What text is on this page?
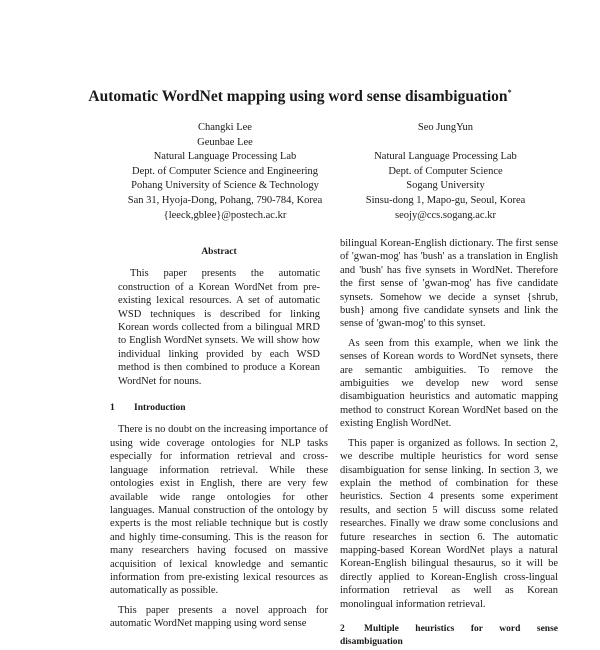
Automatic WordNet mapping using word sense disambiguation*
Changki Lee
Geunbae Lee
Natural Language Processing Lab
Dept. of Computer Science and Engineering
Pohang University of Science & Technology
San 31, Hyoja-Dong, Pohang, 790-784, Korea
{leeck,gblee}@postech.ac.kr
Seo JungYun
Natural Language Processing Lab
Dept. of Computer Science
Sogang University
Sinsu-dong 1, Mapo-gu, Seoul, Korea
seojy@ccs.sogang.ac.kr
Abstract

This paper presents the automatic construction of a Korean WordNet from pre-existing lexical resources. A set of automatic WSD techniques is described for linking Korean words collected from a bilingual MRD to English WordNet synsets. We will show how individual linking provided by each WSD method is then combined to produce a Korean WordNet for nouns.

1 Introduction

There is no doubt on the increasing importance of using wide coverage ontologies for NLP tasks especially for information retrieval and cross-language information retrieval. While these ontologies exist in English, there are very few available wide range ontologies for other languages. Manual construction of the ontology by experts is the most reliable technique but is costly and highly time-consuming. This is the reason for many researchers having focused on massive acquisition of lexical knowledge and semantic information from pre-existing lexical resources as automatically as possible.

This paper presents a novel approach for automatic WordNet mapping using word sense

bilingual Korean-English dictionary. The first sense of 'gwan-mog' has 'bush' as a translation in English and 'bush' has five synsets in WordNet. Therefore the first sense of 'gwan-mog' has five candidate synsets. Somehow we decide a synset {shrub, bush} among five candidate synsets and link the sense of 'gwan-mog' to this synset.

As seen from this example, when we link the senses of Korean words to WordNet synsets, there are semantic ambiguities. To remove the ambiguities we develop new word sense disambiguation heuristics and automatic mapping method to construct Korean WordNet based on the existing English WordNet.

This paper is organized as follows. In section 2, we describe multiple heuristics for word sense disambiguation for sense linking. In section 3, we explain the method of combination for these heuristics. Section 4 presents some experiment results, and section 5 will discuss some related researches. Finally we draw some conclusions and future researches in section 6. The automatic mapping-based Korean WordNet plays a natural Korean-English bilingual thesaurus, so it will be directly applied to Korean-English cross-lingual information retrieval as well as Korean monolingual information retrieval.

2 Multiple heuristics for word sense disambiguation
